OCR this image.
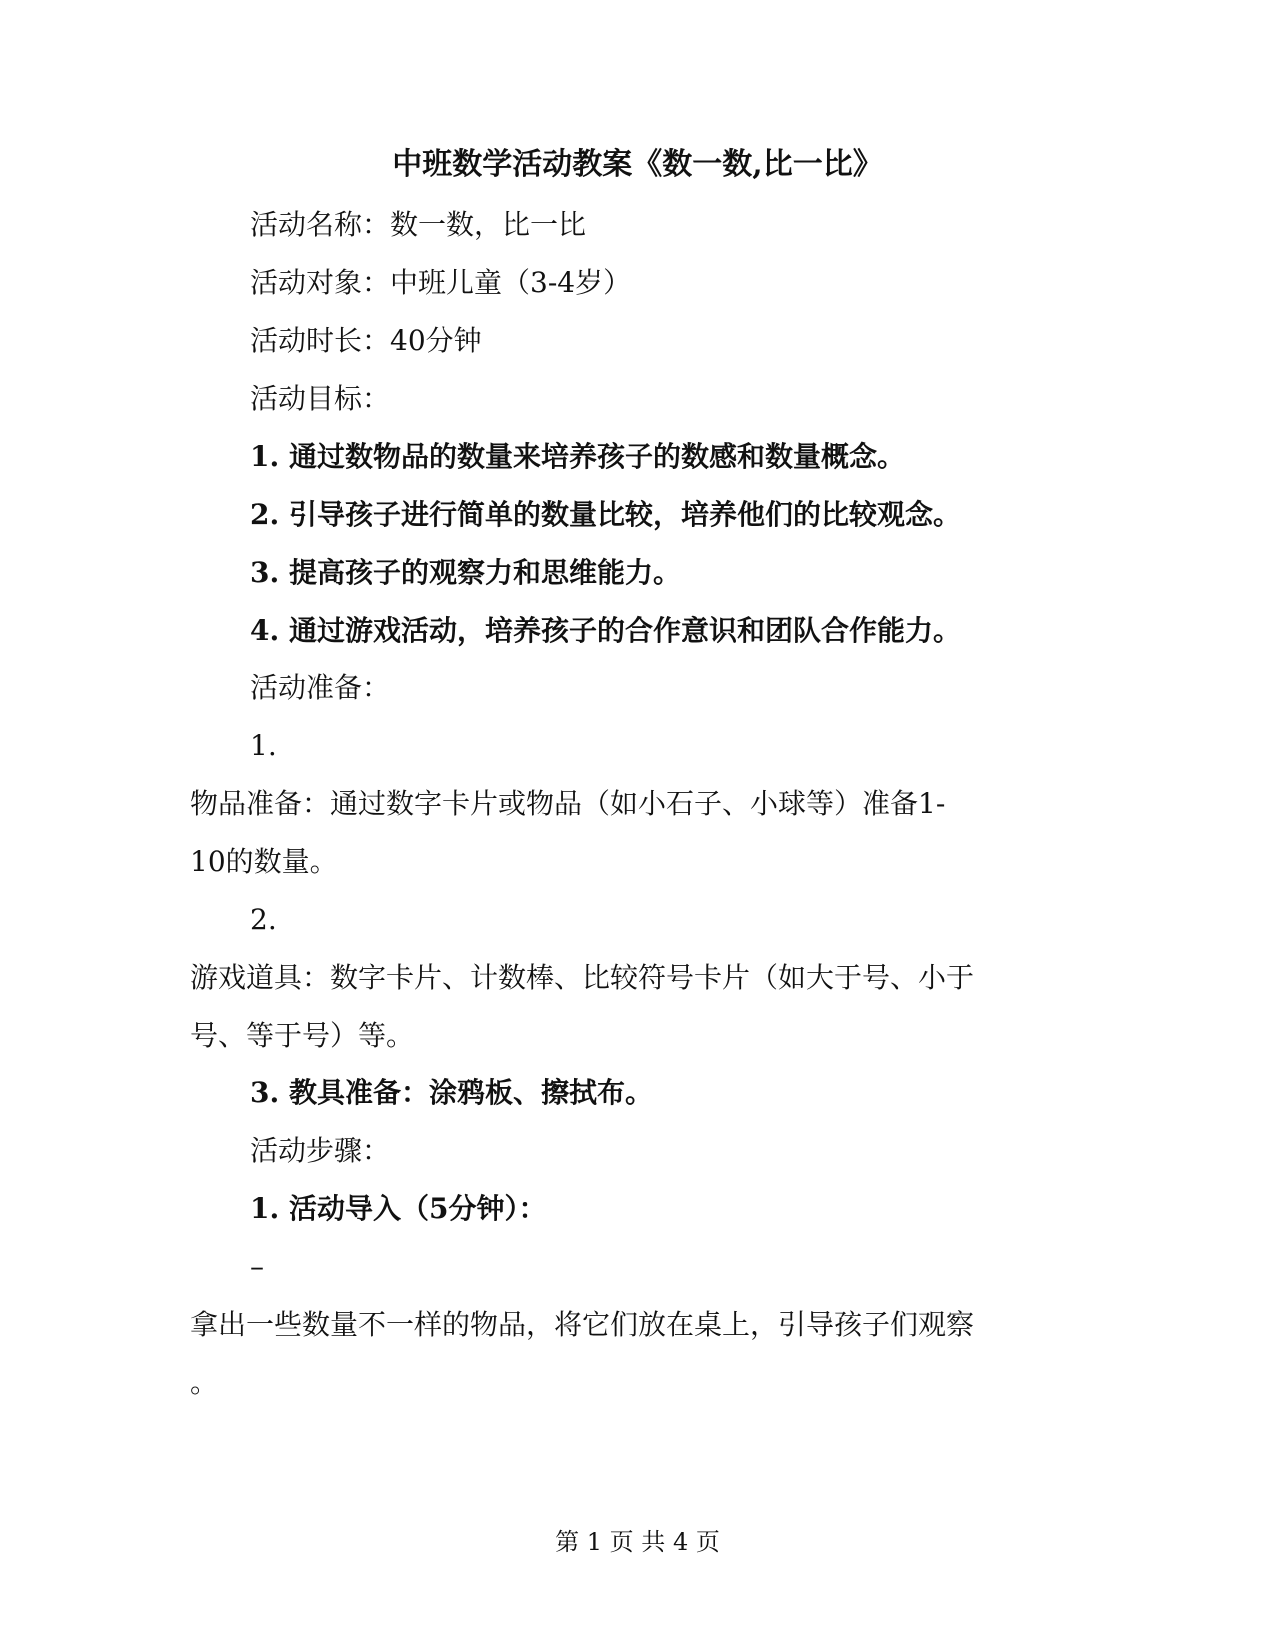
中班数学活动教案《数一数,比一比》
活动名称：数一数，比一比
活动对象：中班儿童（3-4岁）
活动时长：40分钟
活动目标：
1. 通过数物品的数量来培养孩子的数感和数量概念。
2. 引导孩子进行简单的数量比较，培养他们的比较观念。
3. 提高孩子的观察力和思维能力。
4. 通过游戏活动，培养孩子的合作意识和团队合作能力。
活动准备：
1.
物品准备：通过数字卡片或物品（如小石子、小球等）准备1-
10的数量。
2.
游戏道具：数字卡片、计数棒、比较符号卡片（如大于号、小于
号、等于号）等。
3. 教具准备：涂鸦板、擦拭布。
活动步骤：
1. 活动导入（5分钟）：
–
拿出一些数量不一样的物品，将它们放在桌上，引导孩子们观察
。
第 1 页 共 4 页
